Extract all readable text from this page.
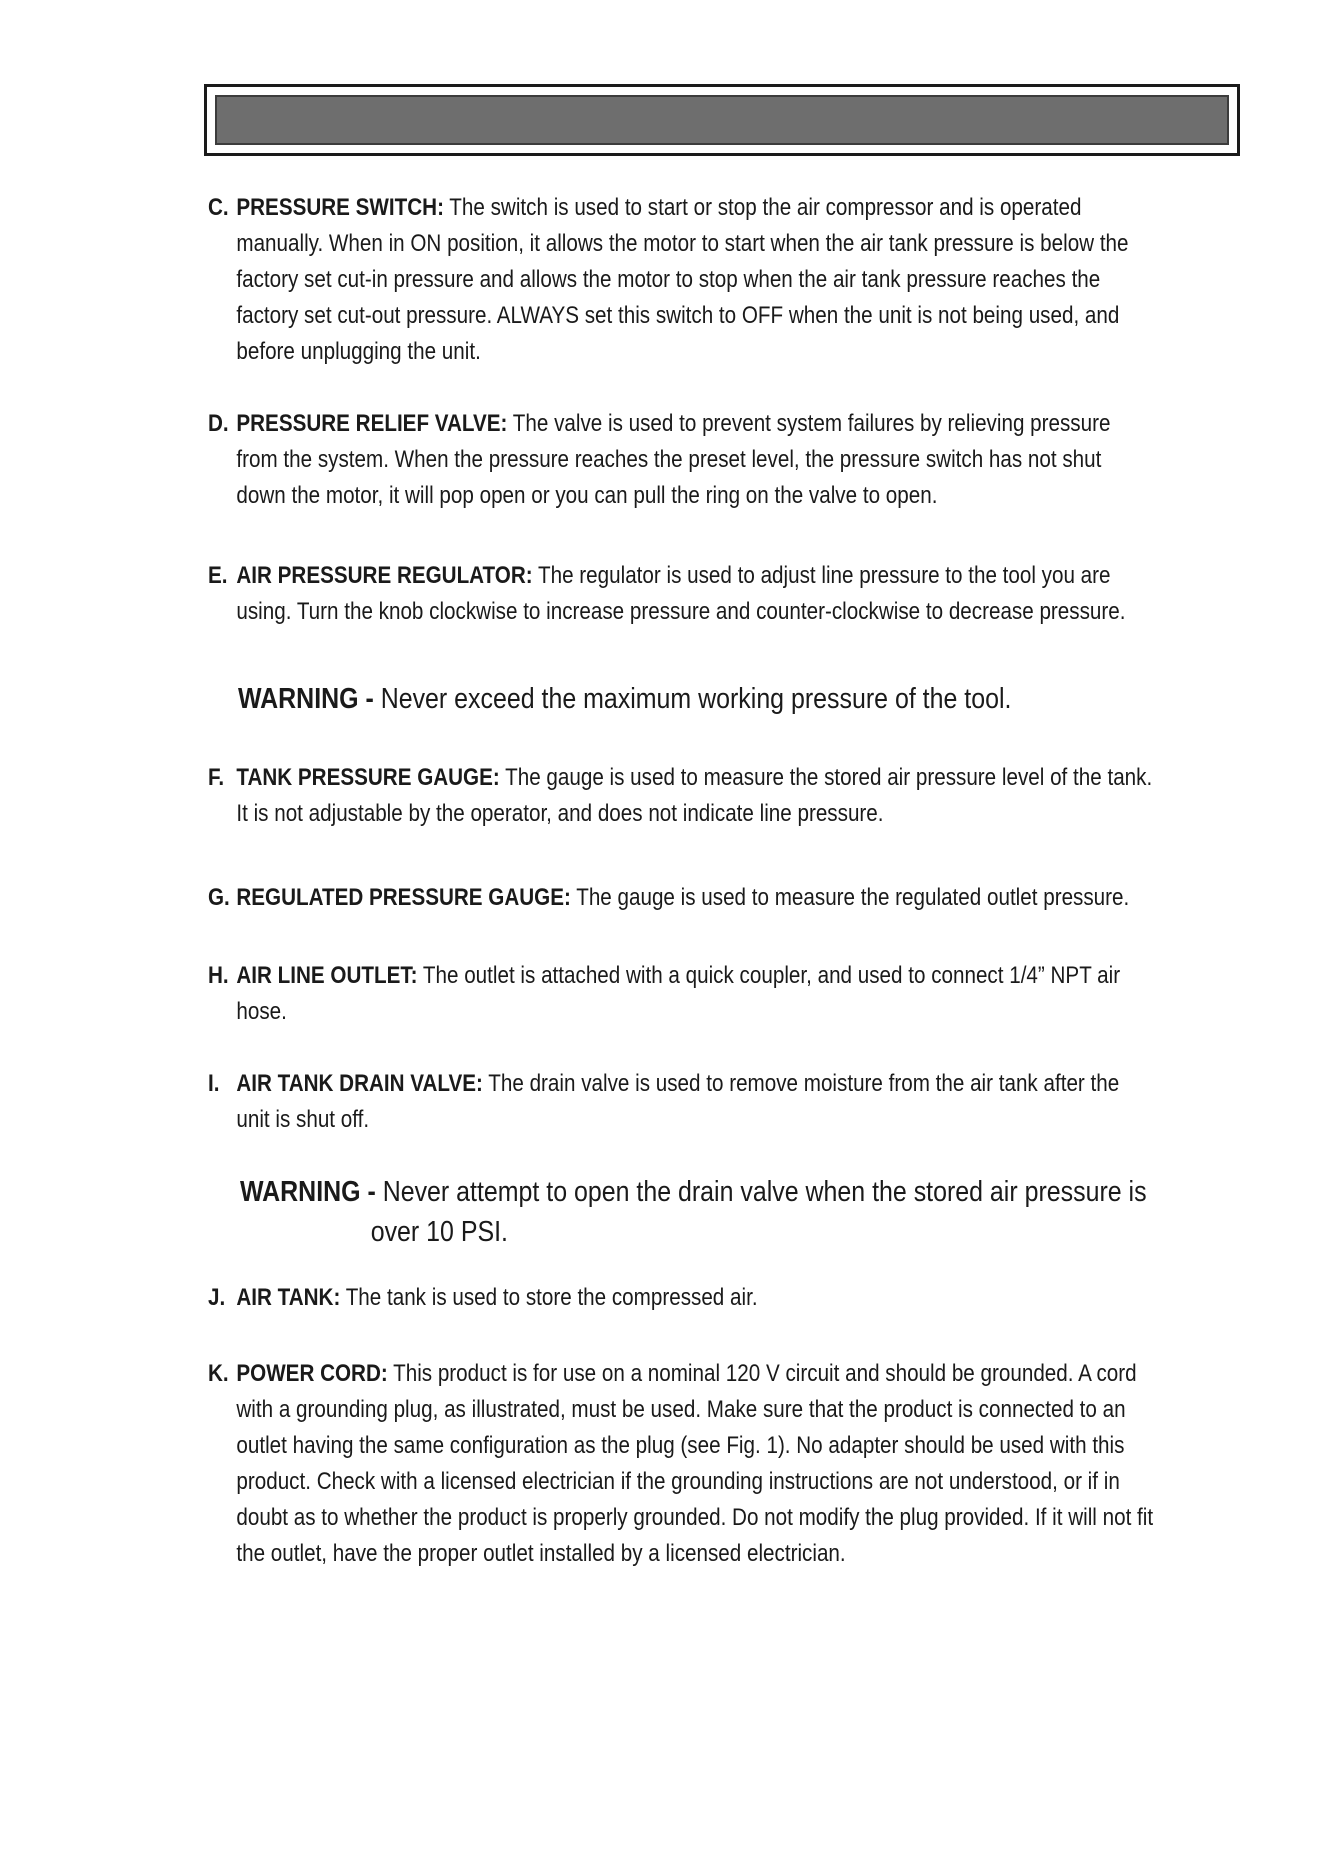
C. PRESSURE SWITCH: The switch is used to start or stop the air compressor and is operated manually. When in ON position, it allows the motor to start when the air tank pressure is below the factory set cut-in pressure and allows the motor to stop when the air tank pressure reaches the factory set cut-out pressure. ALWAYS set this switch to OFF when the unit is not being used, and before unplugging the unit.
D. PRESSURE RELIEF VALVE: The valve is used to prevent system failures by relieving pressure from the system. When the pressure reaches the preset level, the pressure switch has not shut down the motor, it will pop open or you can pull the ring on the valve to open.
E. AIR PRESSURE REGULATOR: The regulator is used to adjust line pressure to the tool you are using. Turn the knob clockwise to increase pressure and counter-clockwise to decrease pressure.
WARNING - Never exceed the maximum working pressure of the tool.
F. TANK PRESSURE GAUGE: The gauge is used to measure the stored air pressure level of the tank. It is not adjustable by the operator, and does not indicate line pressure.
G. REGULATED PRESSURE GAUGE: The gauge is used to measure the regulated outlet pressure.
H. AIR LINE OUTLET: The outlet is attached with a quick coupler, and used to connect 1/4” NPT air hose.
I. AIR TANK DRAIN VALVE: The drain valve is used to remove moisture from the air tank after the unit is shut off.
WARNING - Never attempt to open the drain valve when the stored air pressure is
over 10 PSI.
J. AIR TANK: The tank is used to store the compressed air.
K. POWER CORD: This product is for use on a nominal 120 V circuit and should be grounded. A cord with a grounding plug, as illustrated, must be used. Make sure that the product is connected to an outlet having the same configuration as the plug (see Fig. 1). No adapter should be used with this product. Check with a licensed electrician if the grounding instructions are not understood, or if in doubt as to whether the product is properly grounded. Do not modify the plug provided. If it will not fit the outlet, have the proper outlet installed by a licensed electrician.
